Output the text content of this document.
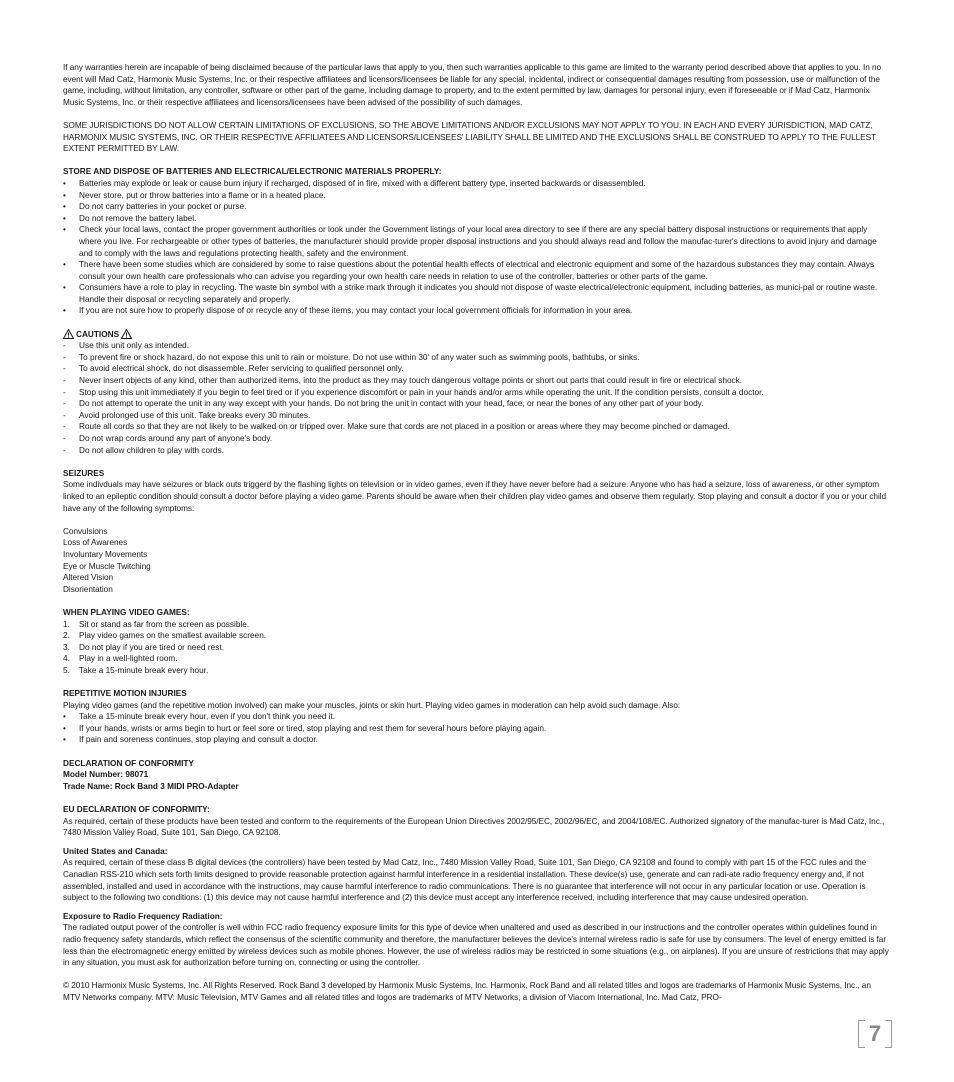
If any warranties herein are incapable of being disclaimed because of the particular laws that apply to you, then such warranties applicable to this game are limited to the warranty period described above that applies to you. In no event will Mad Catz, Harmonix Music Systems, Inc. or their respective affiliatees and licensors/licensees be liable for any special, incidental, indirect or consequential damages resulting from possession, use or malfunction of the game, including, without limitation, any controller, software or other part of the game, including damage to property, and to the extent permitted by law, damages for personal injury, even if foreseeable or if Mad Catz, Harmonix Music Systems, Inc. or their respective affiliatees and licensors/licensees have been advised of the possibility of such damages.

SOME JURISDICTIONS DO NOT ALLOW CERTAIN LIMITATIONS OF EXCLUSIONS, SO THE ABOVE LIMITATIONS AND/OR EXCLUSIONS MAY NOT APPLY TO YOU. IN EACH AND EVERY JURISDICTION, MAD CATZ, HARMONIX MUSIC SYSTEMS, INC. OR THEIR RESPECTIVE AFFILIATEES AND LICENSORS/LICENSEES' LIABILITY SHALL BE LIMITED AND THE EXCLUSIONS SHALL BE CONSTRUED TO APPLY TO THE FULLEST EXTENT PERMITTED BY LAW.

STORE AND DISPOSE OF BATTERIES AND ELECTRICAL/ELECTRONIC MATERIALS PROPERLY:

•	Batteries may explode or leak or cause burn injury if recharged, disposed of in fire, mixed with a different battery type, inserted backwards or disassembled.
•	Never store, put or throw batteries into a flame or in a heated place.
•	Do not carry batteries in your pocket or purse.
•	Do not remove the battery label.
•	Check your local laws, contact the proper government authorities or look under the Government listings of your local area directory to see if there are any special battery disposal instructions or requirements that apply where you live. For rechargeable or other types of batteries, the manufacturer should provide proper disposal instructions and you should always read and follow the manufac-turer's directions to avoid injury and damage and to comply with the laws and regulations protecting health, safety and the environment.
•	There have been some studies which are considered by some to raise questions about the potential health effects of electrical and electronic equipment and some of the hazardous substances they may contain. Always consult your own health care professionals who can advise you regarding your own health care needs in relation to use of the controller, batteries or other parts of the game.
•	Consumers have a role to play in recycling. The waste bin symbol with a strike mark through it indicates you should not dispose of waste electrical/electronic equipment, including batteries, as munici-pal or routine waste. Handle their disposal or recycling separately and properly.
•	If you are not sure how to properly dispose of or recycle any of these items, you may contact your local government officials for information in your area.
CAUTIONS
-	Use this unit only as intended.
-	To prevent fire or shock hazard, do not expose this unit to rain or moisture. Do not use within 30' of any water such as swimming pools, bathtubs, or sinks.
-	To avoid electrical shock, do not disassemble. Refer servicing to qualified personnel only.
-	Never insert objects of any kind, other than authorized items, into the product as they may touch dangerous voltage points or short out parts that could result in fire or electrical shock.
-	Stop using this unit immediately if you begin to feel tired or if you experience discomfort or pain in your hands and/or arms while operating the unit. If the condition persists, consult a doctor.
-	Do not attempt to operate the unit in any way except with your hands. Do not bring the unit in contact with your head, face, or near the bones of any other part of your body.
-	Avoid prolonged use of this unit. Take breaks every 30 minutes.
-	Route all cords so that they are not likely to be walked on or tripped over. Make sure that cords are not placed in a position or areas where they may become pinched or damaged.
-	Do not wrap cords around any part of anyone's body.
-	Do not allow children to play with cords.

SEIZURES

Some indivduals may have seizures or black outs triggerd by the flashing lights on television or in video games, even if they have never before had a seizure. Anyone who has had a seizure, loss of awareness, or other symptom linked to an epileptic condition should consult a doctor before playing a video game. Parents should be aware when their children play video games and observe them regularly. Stop playing and consult a doctor if you or your child have any of the following symptoms:

Convulsions

Loss of Awarenes

Involuntary Movements

Eye or Muscle Twitching

Altered Vision

Disorientation

WHEN PLAYING VIDEO GAMES:

1.	Sit or stand as far from the screen as possible.
2.	Play video games on the smallest available screen.
3.	Do not play if you are tired or need rest.
4.	Play in a well-lighted room.
5.	Take a 15-minute break every hour.

REPETITIVE MOTION INJURIES

Playing video games (and the repetitive motion involved) can make your muscles, joints or skin hurt. Playing video games in moderation can help avoid such damage. Also:

•	Take a 15-minute break every hour, even if you don't think you need it.
•	If your hands, wrists or arms begin to hurt or feel sore or tired, stop playing and rest them for several hours before playing again.
•	If pain and soreness continues, stop playing and consult a doctor.

DECLARATION OF CONFORMITY

Model Number: 98071

Trade Name: Rock Band 3 MIDI PRO-Adapter

EU DECLARATION OF CONFORMITY:

As required, certain of these products have been tested and conform to the requirements of the European Union Directives 2002/95/EC, 2002/96/EC, and 2004/108/EC. Authorized signatory of the manufac-turer is Mad Catz, Inc., 7480 Mission Valley Road, Suite 101, San Diego, CA 92108.

United States and Canada:

As required, certain of these class B digital devices (the controllers) have been tested by Mad Catz, Inc., 7480 Mission Valley Road, Suite 101, San Diego, CA 92108 and found to comply with part 15 of the FCC rules and the Canadian RSS-210 which sets forth limits designed to provide reasonable protection against harmful interference in a residential installation. These device(s) use, generate and can radi-ate radio frequency energy and, if not assembled, installed and used in accordance with the instructions, may cause harmful interference to radio communications. There is no guarantee that interference will not occur in any particular location or use. Operation is subject to the following two conditions: (1) this device may not cause harmful interference and (2) this device must accept any interference received, including interference that may cause undesired operation.

Exposure to Radio Frequency Radiation:

The radiated output power of the controller is well within FCC radio frequency exposure limits for this type of device when unaltered and used as described in our instructions and the controller operates within guidelines found in radio frequency safety standards, which reflect the consensus of the scientific community and therefore, the manufacturer believes the device's internal wireless radio is safe for use by consumers. The level of energy emitted is far less than the electromagnetic energy emitted by wireless devices such as mobile phones. However, the use of wireless radios may be restricted in some situations (e.g., on airplanes). If you are unsure of restrictions that may apply in any situation, you must ask for authorization before turning on, connecting or using the controller.

© 2010 Harmonix Music Systems, Inc. All Rights Reserved. Rock Band 3 developed by Harmonix Music Systems, Inc. Harmonix, Rock Band and all related titles and logos are trademarks of Harmonix Music Systems, Inc., an MTV Networks company. MTV: Music Television, MTV Games and all related titles and logos are trademarks of MTV Networks, a division of Viacom International, Inc. Mad Catz, PRO-

7
